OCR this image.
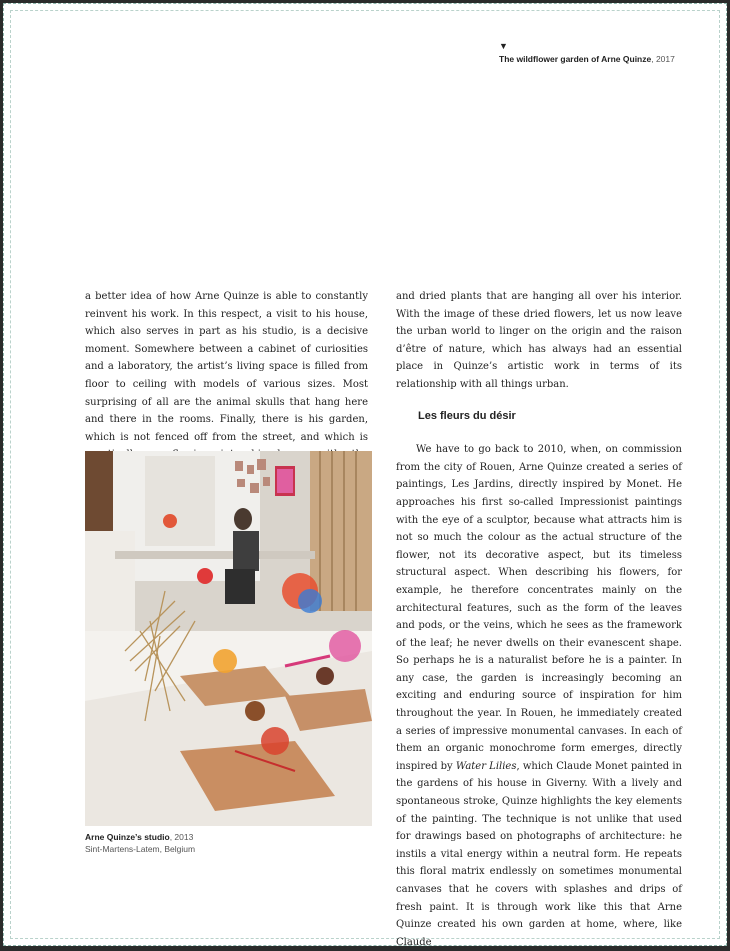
▼
The wildflower garden of Arne Quinze, 2017

a better idea of how Arne Quinze is able to constantly reinvent his work. In this respect, a visit to his house, which also serves in part as his studio, is a decisive moment. Somewhere between a cabinet of curiosities and a laboratory, the artist’s living space is filled from floor to ceiling with models of various sizes. Most surprising of all are the animal skulls that hang here and there in the rooms. Finally, there is his garden, which is not fenced off from the street, and which is

and dried plants that are hanging all over his interior. With the image of these dried flowers, let us now leave the urban world to linger on the origin and the raison d’être of nature, which has always had an essential place in Quinze’s artistic work in terms of its relationship with all things urban.

Les fleurs du désir

We have to go back to 2010, when, on commission from the city of Rouen, Arne Quinze created a series of paintings, Les Jardins, directly inspired by Monet. He approaches his first so-called Impressionist paintings with the eye of a sculptor, because what attracts him is not so much the colour as the actual structure of the flower, not its decorative aspect, but its timeless structural aspect. When describing his flowers, for example, he therefore concentrates mainly on the architectural features, such as the form of the leaves and pods, or the veins, which he sees as the framework of the leaf; he never dwells on their evanescent shape. So perhaps he is a naturalist before he is a painter. In any case, the garden is increasingly becoming an exciting and enduring source of inspiration for him throughout the year. In Rouen, he immediately created a series of impressive monumental canvases. In each of them an organic monochrome form emerges, directly inspired by Water Lilies, which Claude Monet painted in the gardens of his house in Giverny. With a lively and spontaneous stroke, Quinze highlights the key elements of the painting. The technique is not unlike that used for drawings based on photographs of architecture: he instils a vital energy within a neutral form. He repeats this floral matrix endlessly on sometimes monumental canvases that he covers with splashes and drips of fresh paint. It is through work like this that Arne Quinze created his own garden at home, where, like Claude

Arne Quinze’s studio, 2013
Sint-Martens-Latem, Belgium
